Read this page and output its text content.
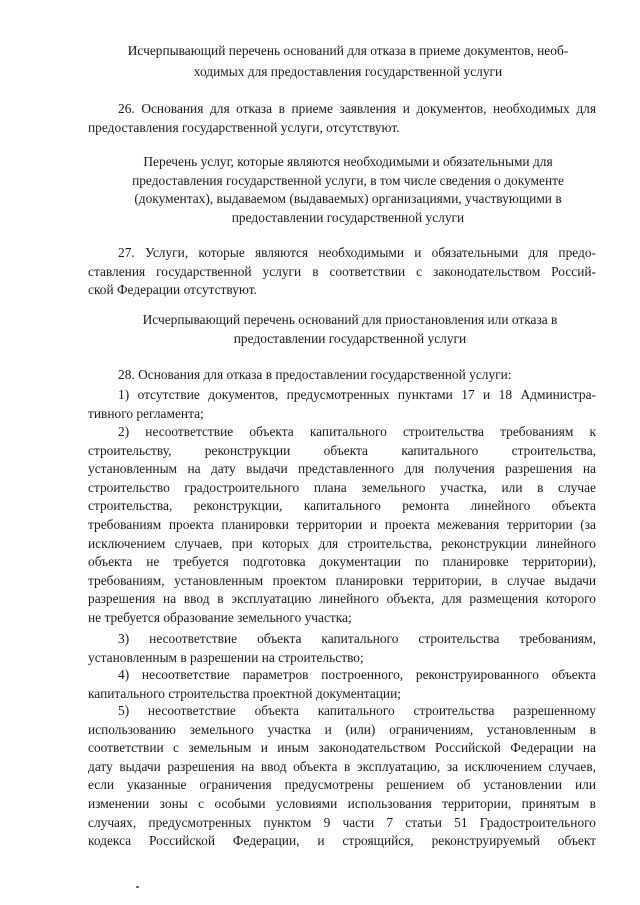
Исчерпывающий перечень оснований для отказа в приеме документов, необ-
ходимых для предоставления государственной услуги
26. Основания для отказа в приеме заявления и документов, необходимых для
предоставления государственной услуги, отсутствуют.
Перечень услуг, которые являются необходимыми и обязательными для
предоставления государственной услуги, в том числе сведения о документе
(документах), выдаваемом (выдаваемых) организациями, участвующими в
предоставлении государственной услуги
27. Услуги, которые являются необходимыми и обязательными для предо-
ставления государственной услуги в соответствии с законодательством Россий-
ской Федерации отсутствуют.
Исчерпывающий перечень оснований для приостановления или отказа в
предоставлении государственной услуги
28. Основания для отказа в предоставлении государственной услуги:
1) отсутствие документов, предусмотренных пунктами 17 и 18 Администра-
тивного регламента;
2) несоответствие объекта капитального строительства требованиям к
строительству, реконструкции объекта капитального строительства,
установленным на дату выдачи представленного для получения разрешения на
строительство градостроительного плана земельного участка, или в случае
строительства, реконструкции, капитального ремонта линейного объекта
требованиям проекта планировки территории и проекта межевания территории (за
исключением случаев, при которых для строительства, реконструкции линейного
объекта не требуется подготовка документации по планировке территории),
требованиям, установленным проектом планировки территории, в случае выдачи
разрешения на ввод в эксплуатацию линейного объекта, для размещения которого
не требуется образование земельного участка;
3) несоответствие объекта капитального строительства требованиям,
установленным в разрешении на строительство;
4) несоответствие параметров построенного, реконструированного объекта
капитального строительства проектной документации;
5) несоответствие объекта капитального строительства разрешенному
использованию земельного участка и (или) ограничениям, установленным в
соответствии с земельным и иным законодательством Российской Федерации на
дату выдачи разрешения на ввод объекта в эксплуатацию, за исключением случаев,
если указанные ограничения предусмотрены решением об установлении или
изменении зоны с особыми условиями использования территории, принятым в
случаях, предусмотренных пунктом 9 части 7 статьи 51 Градостроительного
кодекса Российской Федерации, и строящийся, реконструируемый объект
